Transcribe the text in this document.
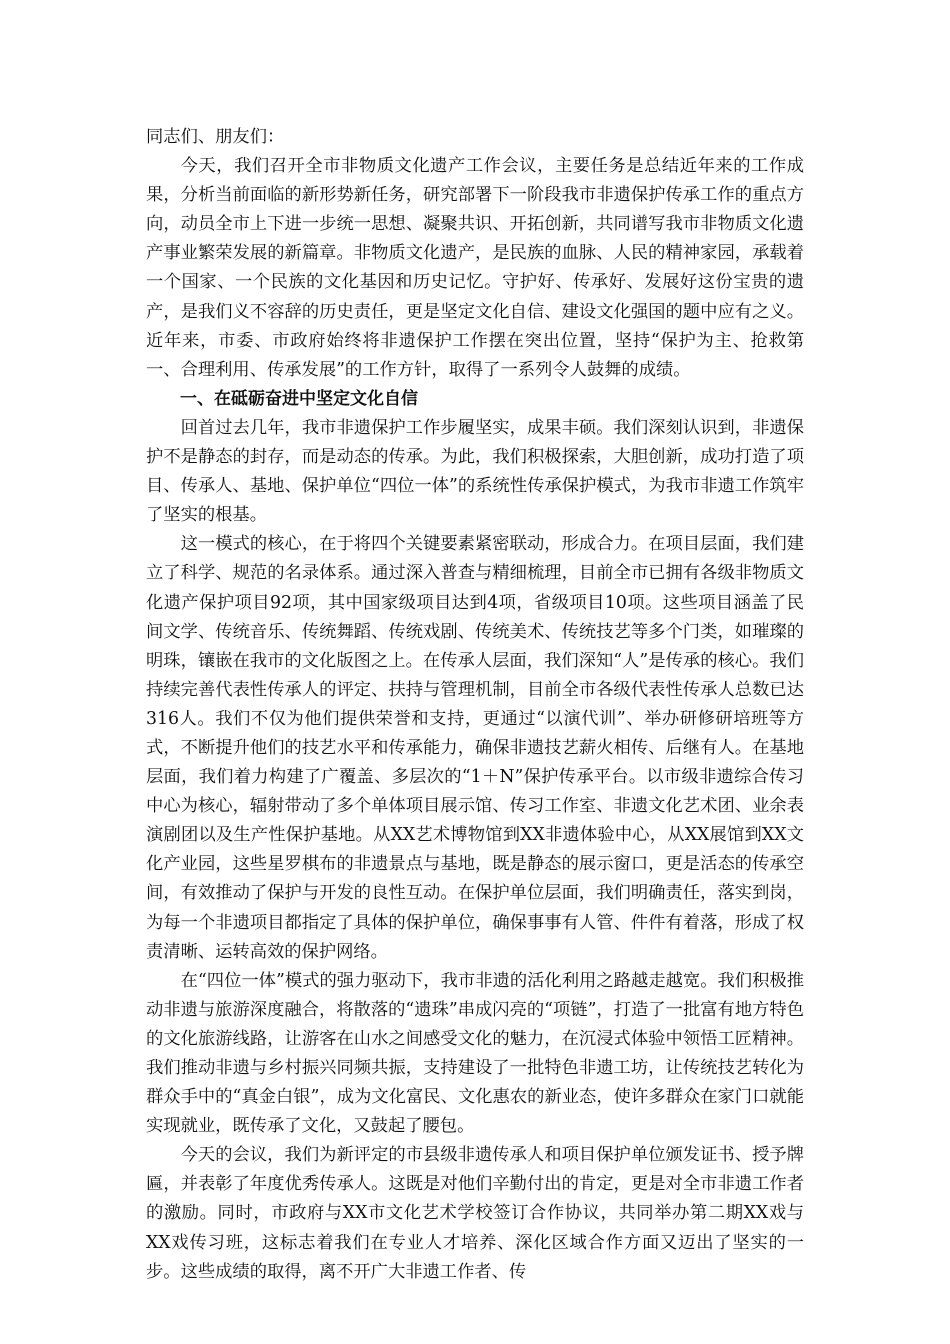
同志们、朋友们：

今天，我们召开全市非物质文化遗产工作会议，主要任务是总结近年来的工作成果，分析当前面临的新形势新任务，研究部署下一阶段我市非遗保护传承工作的重点方向，动员全市上下进一步统一思想、凝聚共识、开拓创新，共同谱写我市非物质文化遗产事业繁荣发展的新篇章。非物质文化遗产，是民族的血脉、人民的精神家园，承载着一个国家、一个民族的文化基因和历史记忆。守护好、传承好、发展好这份宝贵的遗产，是我们义不容辞的历史责任，更是坚定文化自信、建设文化强国的题中应有之义。近年来，市委、市政府始终将非遗保护工作摆在突出位置，坚持“保护为主、抢救第一、合理利用、传承发展”的工作方针，取得了一系列令人鼓舞的成绩。

一、在砥砺奋进中坚定文化自信

回首过去几年，我市非遗保护工作步履坚实，成果丰硕。我们深刻认识到，非遗保护不是静态的封存，而是动态的传承。为此，我们积极探索，大胆创新，成功打造了项目、传承人、基地、保护单位“四位一体”的系统性传承保护模式，为我市非遗工作筑牢了坚实的根基。

这一模式的核心，在于将四个关键要素紧密联动，形成合力。在项目层面，我们建立了科学、规范的名录体系。通过深入普查与精细梳理，目前全市已拥有各级非物质文化遗产保护项目92项，其中国家级项目达到4项，省级项目10项。这些项目涵盖了民间文学、传统音乐、传统舞蹈、传统戏剧、传统美术、传统技艺等多个门类，如璀璨的明珠，镶嵌在我市的文化版图之上。在传承人层面，我们深知“人”是传承的核心。我们持续完善代表性传承人的评定、扶持与管理机制，目前全市各级代表性传承人总数已达316人。我们不仅为他们提供荣誉和支持，更通过“以演代训”、举办研修研培班等方式，不断提升他们的技艺水平和传承能力，确保非遗技艺薪火相传、后继有人。在基地层面，我们着力构建了广覆盖、多层次的“1＋N”保护传承平台。以市级非遗综合传习中心为核心，辐射带动了多个单体项目展示馆、传习工作室、非遗文化艺术团、业余表演剧团以及生产性保护基地。从XX艺术博物馆到XX非遗体验中心，从XX展馆到XX文化产业园，这些星罗棋布的非遗景点与基地，既是静态的展示窗口，更是活态的传承空间，有效推动了保护与开发的良性互动。在保护单位层面，我们明确责任，落实到岗，为每一个非遗项目都指定了具体的保护单位，确保事事有人管、件件有着落，形成了权责清晰、运转高效的保护网络。

在“四位一体”模式的强力驱动下，我市非遗的活化利用之路越走越宽。我们积极推动非遗与旅游深度融合，将散落的“遗珠”串成闪亮的“项链”，打造了一批富有地方特色的文化旅游线路，让游客在山水之间感受文化的魅力，在沉浸式体验中领悟工匠精神。我们推动非遗与乡村振兴同频共振，支持建设了一批特色非遗工坊，让传统技艺转化为群众手中的“真金白银”，成为文化富民、文化惠农的新业态，使许多群众在家门口就能实现就业，既传承了文化，又鼓起了腰包。

今天的会议，我们为新评定的市县级非遗传承人和项目保护单位颁发证书、授予牌匾，并表彰了年度优秀传承人。这既是对他们辛勤付出的肯定，更是对全市非遗工作者的激励。同时，市政府与XX市文化艺术学校签订合作协议，共同举办第二期XX戏与XX戏传习班，这标志着我们在专业人才培养、深化区域合作方面又迈出了坚实的一步。这些成绩的取得，离不开广大非遗工作者、传
